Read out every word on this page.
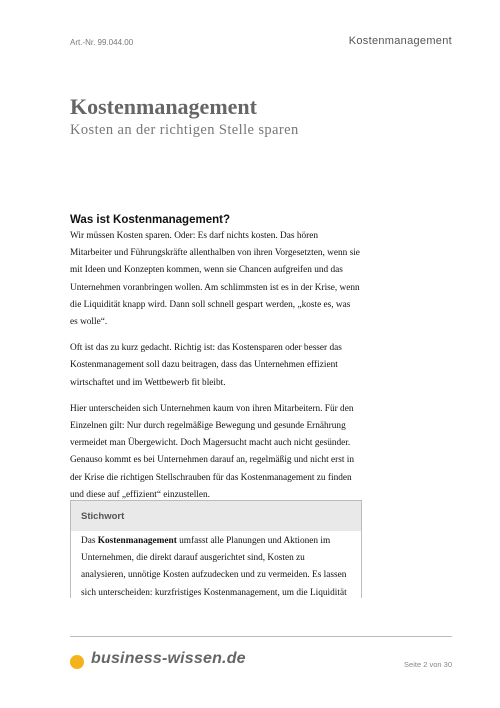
Art.-Nr. 99.044.00	Kostenmanagement
Kostenmanagement
Kosten an der richtigen Stelle sparen
Was ist Kostenmanagement?

Wir müssen Kosten sparen. Oder: Es darf nichts kosten. Das hören Mitarbeiter und Führungskräfte allenthalben von ihren Vorgesetzten, wenn sie mit Ideen und Konzepten kommen, wenn sie Chancen aufgreifen und das Unternehmen voranbringen wollen. Am schlimmsten ist es in der Krise, wenn die Liquidität knapp wird. Dann soll schnell gespart werden, „koste es, was es wolle“.

Oft ist das zu kurz gedacht. Richtig ist: das Kostensparen oder besser das Kostenmanagement soll dazu beitragen, dass das Unternehmen effizient wirtschaftet und im Wettbewerb fit bleibt.

Hier unterscheiden sich Unternehmen kaum von ihren Mitarbeitern. Für den Einzelnen gilt: Nur durch regelmäßige Bewegung und gesunde Ernährung vermeidet man Übergewicht. Doch Magersucht macht auch nicht gesünder. Genauso kommt es bei Unternehmen darauf an, regelmäßig und nicht erst in der Krise die richtigen Stellschrauben für das Kostenmanagement zu finden und diese auf „effizient“ einzustellen.

Stichwort
Das Kostenmanagement umfasst alle Planungen und Aktionen im Unternehmen, die direkt darauf ausgerichtet sind, Kosten zu analysieren, unnötige Kosten aufzudecken und zu vermeiden. Es lassen sich unterscheiden: kurzfristiges Kostenmanagement, um die Liquidität
business-wissen.de	Seite 2 von 30
